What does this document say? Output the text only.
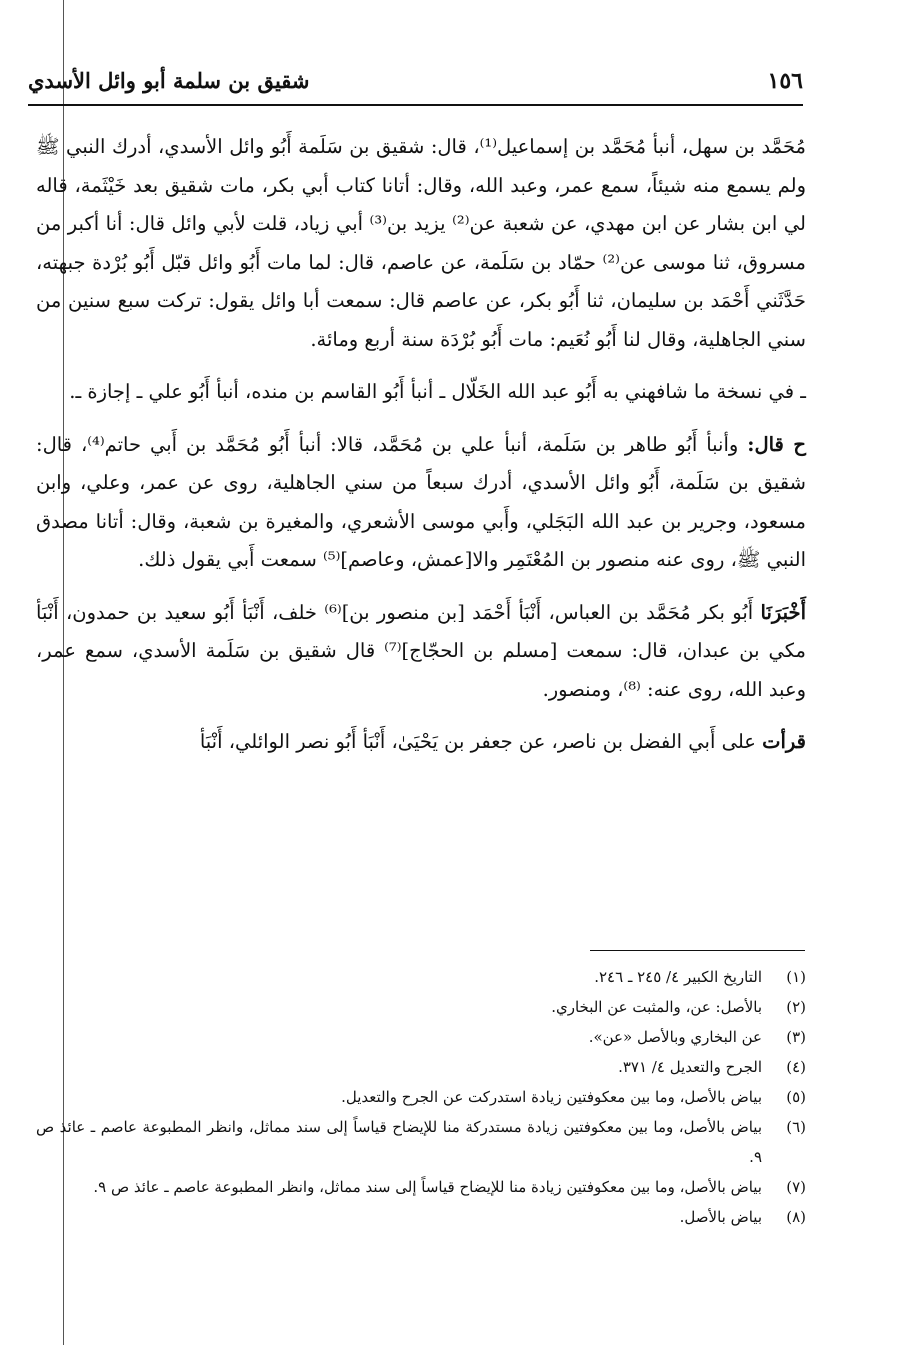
١٥٦
شقيق بن سلمة أبو وائل الأسدي

مُحَمَّد بن سهل، أنبأ مُحَمَّد بن إسماعيل⁽¹⁾، قال: شقيق بن سَلَمة أَبُو وائل الأسدي، أدرك النبي ﷺ ولم يسمع منه شيئاً، سمع عمر، وعبد الله، وقال: أتانا كتاب أبي بكر، مات شقيق بعد خَيْثَمة، قاله لي ابن بشار عن ابن مهدي، عن شعبة عن⁽²⁾ يزيد بن⁽³⁾ أبي زياد، قلت لأبي وائل قال: أنا أكبر من مسروق، ثنا موسى عن⁽²⁾ حمّاد بن سَلَمة، عن عاصم، قال: لما مات أَبُو وائل قبّل أَبُو بُرْدة جبهته، حَدَّثَني أَحْمَد بن سليمان، ثنا أَبُو بكر، عن عاصم قال: سمعت أبا وائل يقول: تركت سبع سنين من سني الجاهلية، وقال لنا أَبُو نُعَيم: مات أَبُو بُرْدَة سنة أربع ومائة.

ـ في نسخة ما شافهني به أَبُو عبد الله الخَلّال ـ أنبأ أَبُو القاسم بن منده، أنبأ أَبُو علي ـ إجازة ـ.

ح قال: وأنبأ أَبُو طاهر بن سَلَمة، أنبأ علي بن مُحَمَّد، قالا: أنبأ أَبُو مُحَمَّد بن أَبي حاتم⁽⁴⁾، قال: شقيق بن سَلَمة، أَبُو وائل الأسدي، أدرك سبعاً من سني الجاهلية، روى عن عمر، وعلي، وابن مسعود، وجرير بن عبد الله البَجَلي، وأَبي موسى الأشعري، والمغيرة بن شعبة، وقال: أتانا مصدق النبي ﷺ، روى عنه منصور بن المُعْتَمِر والا[عمش، وعاصم]⁽⁵⁾ سمعت أَبي يقول ذلك.

أَخْبَرَنَا أَبُو بكر مُحَمَّد بن العباس، أَنْبَأ أَحْمَد [بن منصور بن]⁽⁶⁾ خلف، أَنْبَأ أَبُو سعيد بن حمدون، أَنْبَأ مكي بن عبدان، قال: سمعت [مسلم بن الحجّاج]⁽⁷⁾ قال شقيق بن سَلَمة الأسدي، سمع عمر، وعبد الله، روى عنه: ⁽⁸⁾، ومنصور.

قرأت على أَبي الفضل بن ناصر، عن جعفر بن يَحْيَىٰ، أَنْبَأ أَبُو نصر الوائلي، أَنْبَأ

(١)
التاريخ الكبير ٤/ ٢٤٥ ـ ٢٤٦.
(٢)
بالأصل: عن، والمثبت عن البخاري.
(٣)
عن البخاري وبالأصل «عن».
(٤)
الجرح والتعديل ٤/ ٣٧١.
(٥)
بياض بالأصل، وما بين معكوفتين زيادة استدركت عن الجرح والتعديل.
(٦)
بياض بالأصل، وما بين معكوفتين زيادة مستدركة منا للإيضاح قياساً إلى سند مماثل، وانظر المطبوعة عاصم ـ عائذ ص ٩.
(٧)
بياض بالأصل، وما بين معكوفتين زيادة منا للإيضاح قياساً إلى سند مماثل، وانظر المطبوعة عاصم ـ عائذ ص ٩.
(٨)
بياض بالأصل.
